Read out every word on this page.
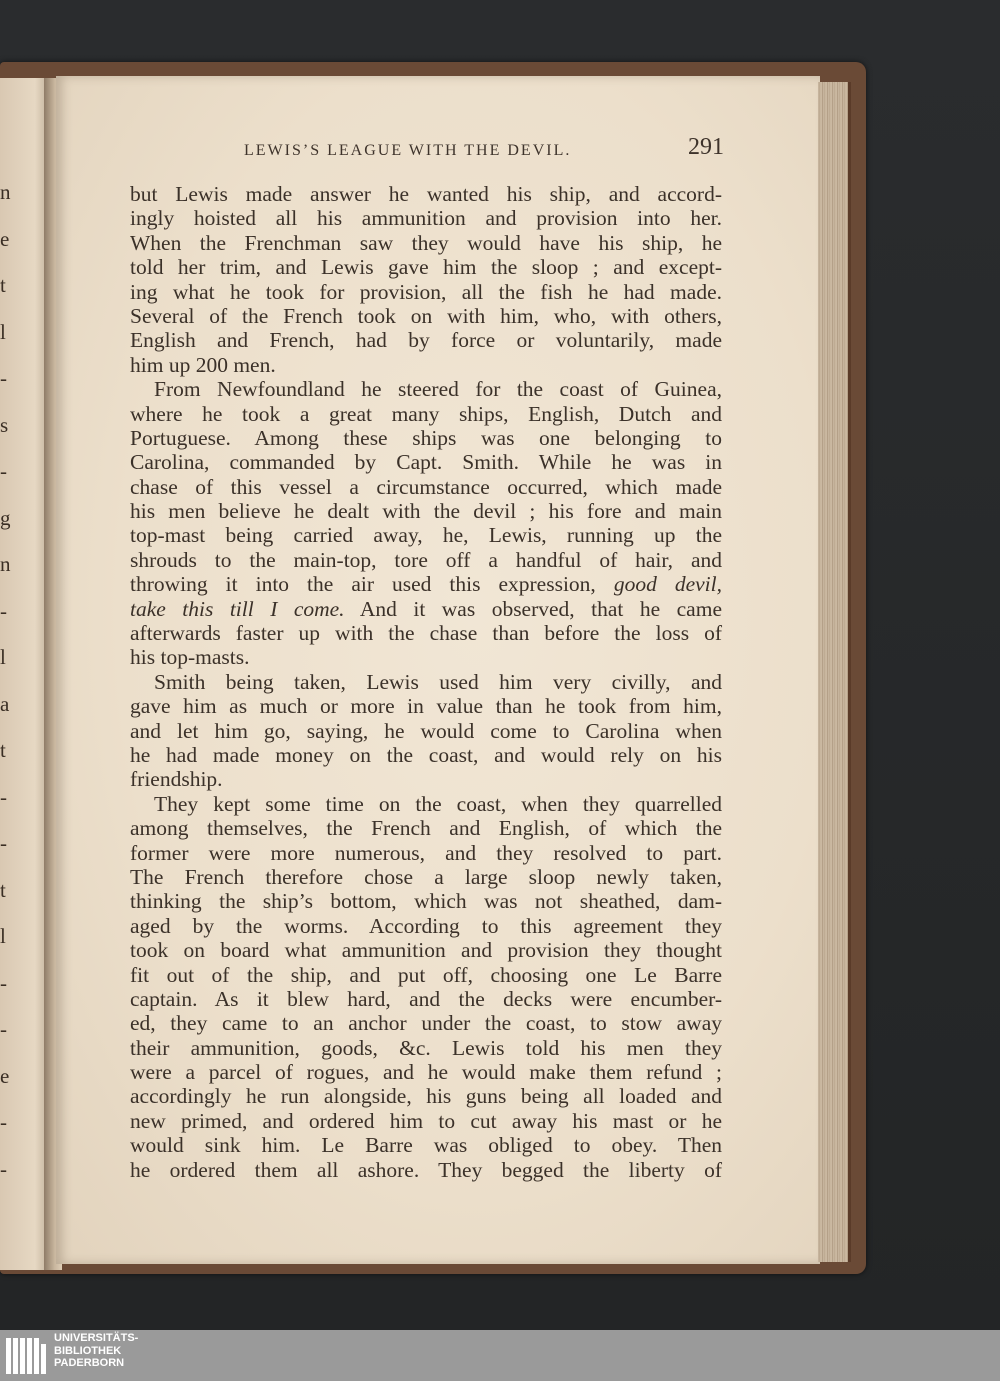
n
e
t
l
-
s
-
g
n
-
l
a
t
-
-
t
l
-
-
e
-
-
LEWIS’S LEAGUE WITH THE DEVIL.	291
but Lewis made answer he wanted his ship, and accord-
ingly hoisted all his ammunition and provision into her.
When the Frenchman saw they would have his ship, he
told her trim, and Lewis gave him the sloop ; and except-
ing what he took for provision, all the fish he had made.
Several of the French took on with him, who, with others,
English and French, had by force or voluntarily, made
him up 200 men.
From Newfoundland he steered for the coast of Guinea,
where he took a great many ships, English, Dutch and
Portuguese. Among these ships was one belonging to
Carolina, commanded by Capt. Smith. While he was in
chase of this vessel a circumstance occurred, which made
his men believe he dealt with the devil ; his fore and main
top-mast being carried away, he, Lewis, running up the
shrouds to the main-top, tore off a handful of hair, and
throwing it into the air used this expression, good devil,
take this till I come. And it was observed, that he came
afterwards faster up with the chase than before the loss of
his top-masts.
Smith being taken, Lewis used him very civilly, and
gave him as much or more in value than he took from him,
and let him go, saying, he would come to Carolina when
he had made money on the coast, and would rely on his
friendship.
They kept some time on the coast, when they quarrelled
among themselves, the French and English, of which the
former were more numerous, and they resolved to part.
The French therefore chose a large sloop newly taken,
thinking the ship’s bottom, which was not sheathed, dam-
aged by the worms. According to this agreement they
took on board what ammunition and provision they thought
fit out of the ship, and put off, choosing one Le Barre
captain. As it blew hard, and the decks were encumber-
ed, they came to an anchor under the coast, to stow away
their ammunition, goods, &c. Lewis told his men they
were a parcel of rogues, and he would make them refund ;
accordingly he run alongside, his guns being all loaded and
new primed, and ordered him to cut away his mast or he
would sink him. Le Barre was obliged to obey. Then
he ordered them all ashore. They begged the liberty of
UNIVERSITÄTS-
BIBLIOTHEK
PADERBORN
